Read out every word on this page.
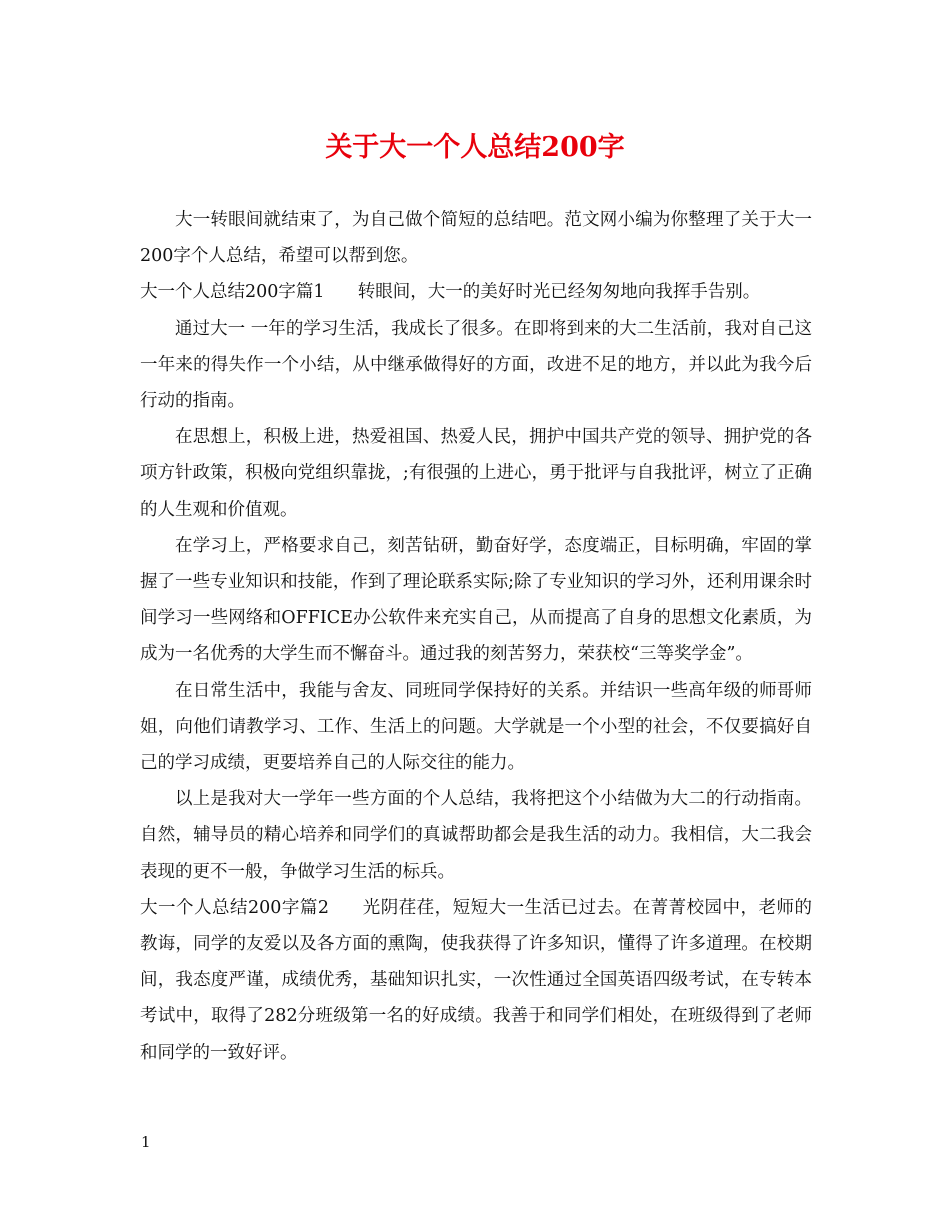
关于大一个人总结200字

大一转眼间就结束了，为自己做个简短的总结吧。范文网小编为你整理了关于大一200字个人总结，希望可以帮到您。

大一个人总结200字篇1 转眼间，大一的美好时光已经匆匆地向我挥手告别。

通过大一 一年的学习生活，我成长了很多。在即将到来的大二生活前，我对自己这一年来的得失作一个小结，从中继承做得好的方面，改进不足的地方，并以此为我今后行动的指南。

在思想上，积极上进，热爱祖国、热爱人民，拥护中国共产党的领导、拥护党的各项方针政策，积极向党组织靠拢，;有很强的上进心，勇于批评与自我批评，树立了正确的人生观和价值观。

在学习上，严格要求自己，刻苦钻研，勤奋好学，态度端正，目标明确，牢固的掌握了一些专业知识和技能，作到了理论联系实际;除了专业知识的学习外，还利用课余时间学习一些网络和OFFICE办公软件来充实自己，从而提高了自身的思想文化素质，为成为一名优秀的大学生而不懈奋斗。通过我的刻苦努力，荣获校“三等奖学金”。

在日常生活中，我能与舍友、同班同学保持好的关系。并结识一些高年级的师哥师姐，向他们请教学习、工作、生活上的问题。大学就是一个小型的社会，不仅要搞好自己的学习成绩，更要培养自己的人际交往的能力。

以上是我对大一学年一些方面的个人总结，我将把这个小结做为大二的行动指南。自然，辅导员的精心培养和同学们的真诚帮助都会是我生活的动力。我相信，大二我会表现的更不一般，争做学习生活的标兵。

大一个人总结200字篇2 光阴荏荏，短短大一生活已过去。在菁菁校园中，老师的教诲，同学的友爱以及各方面的熏陶，使我获得了许多知识，懂得了许多道理。在校期间，我态度严谨，成绩优秀，基础知识扎实，一次性通过全国英语四级考试，在专转本考试中，取得了282分班级第一名的好成绩。我善于和同学们相处，在班级得到了老师和同学的一致好评。

1
